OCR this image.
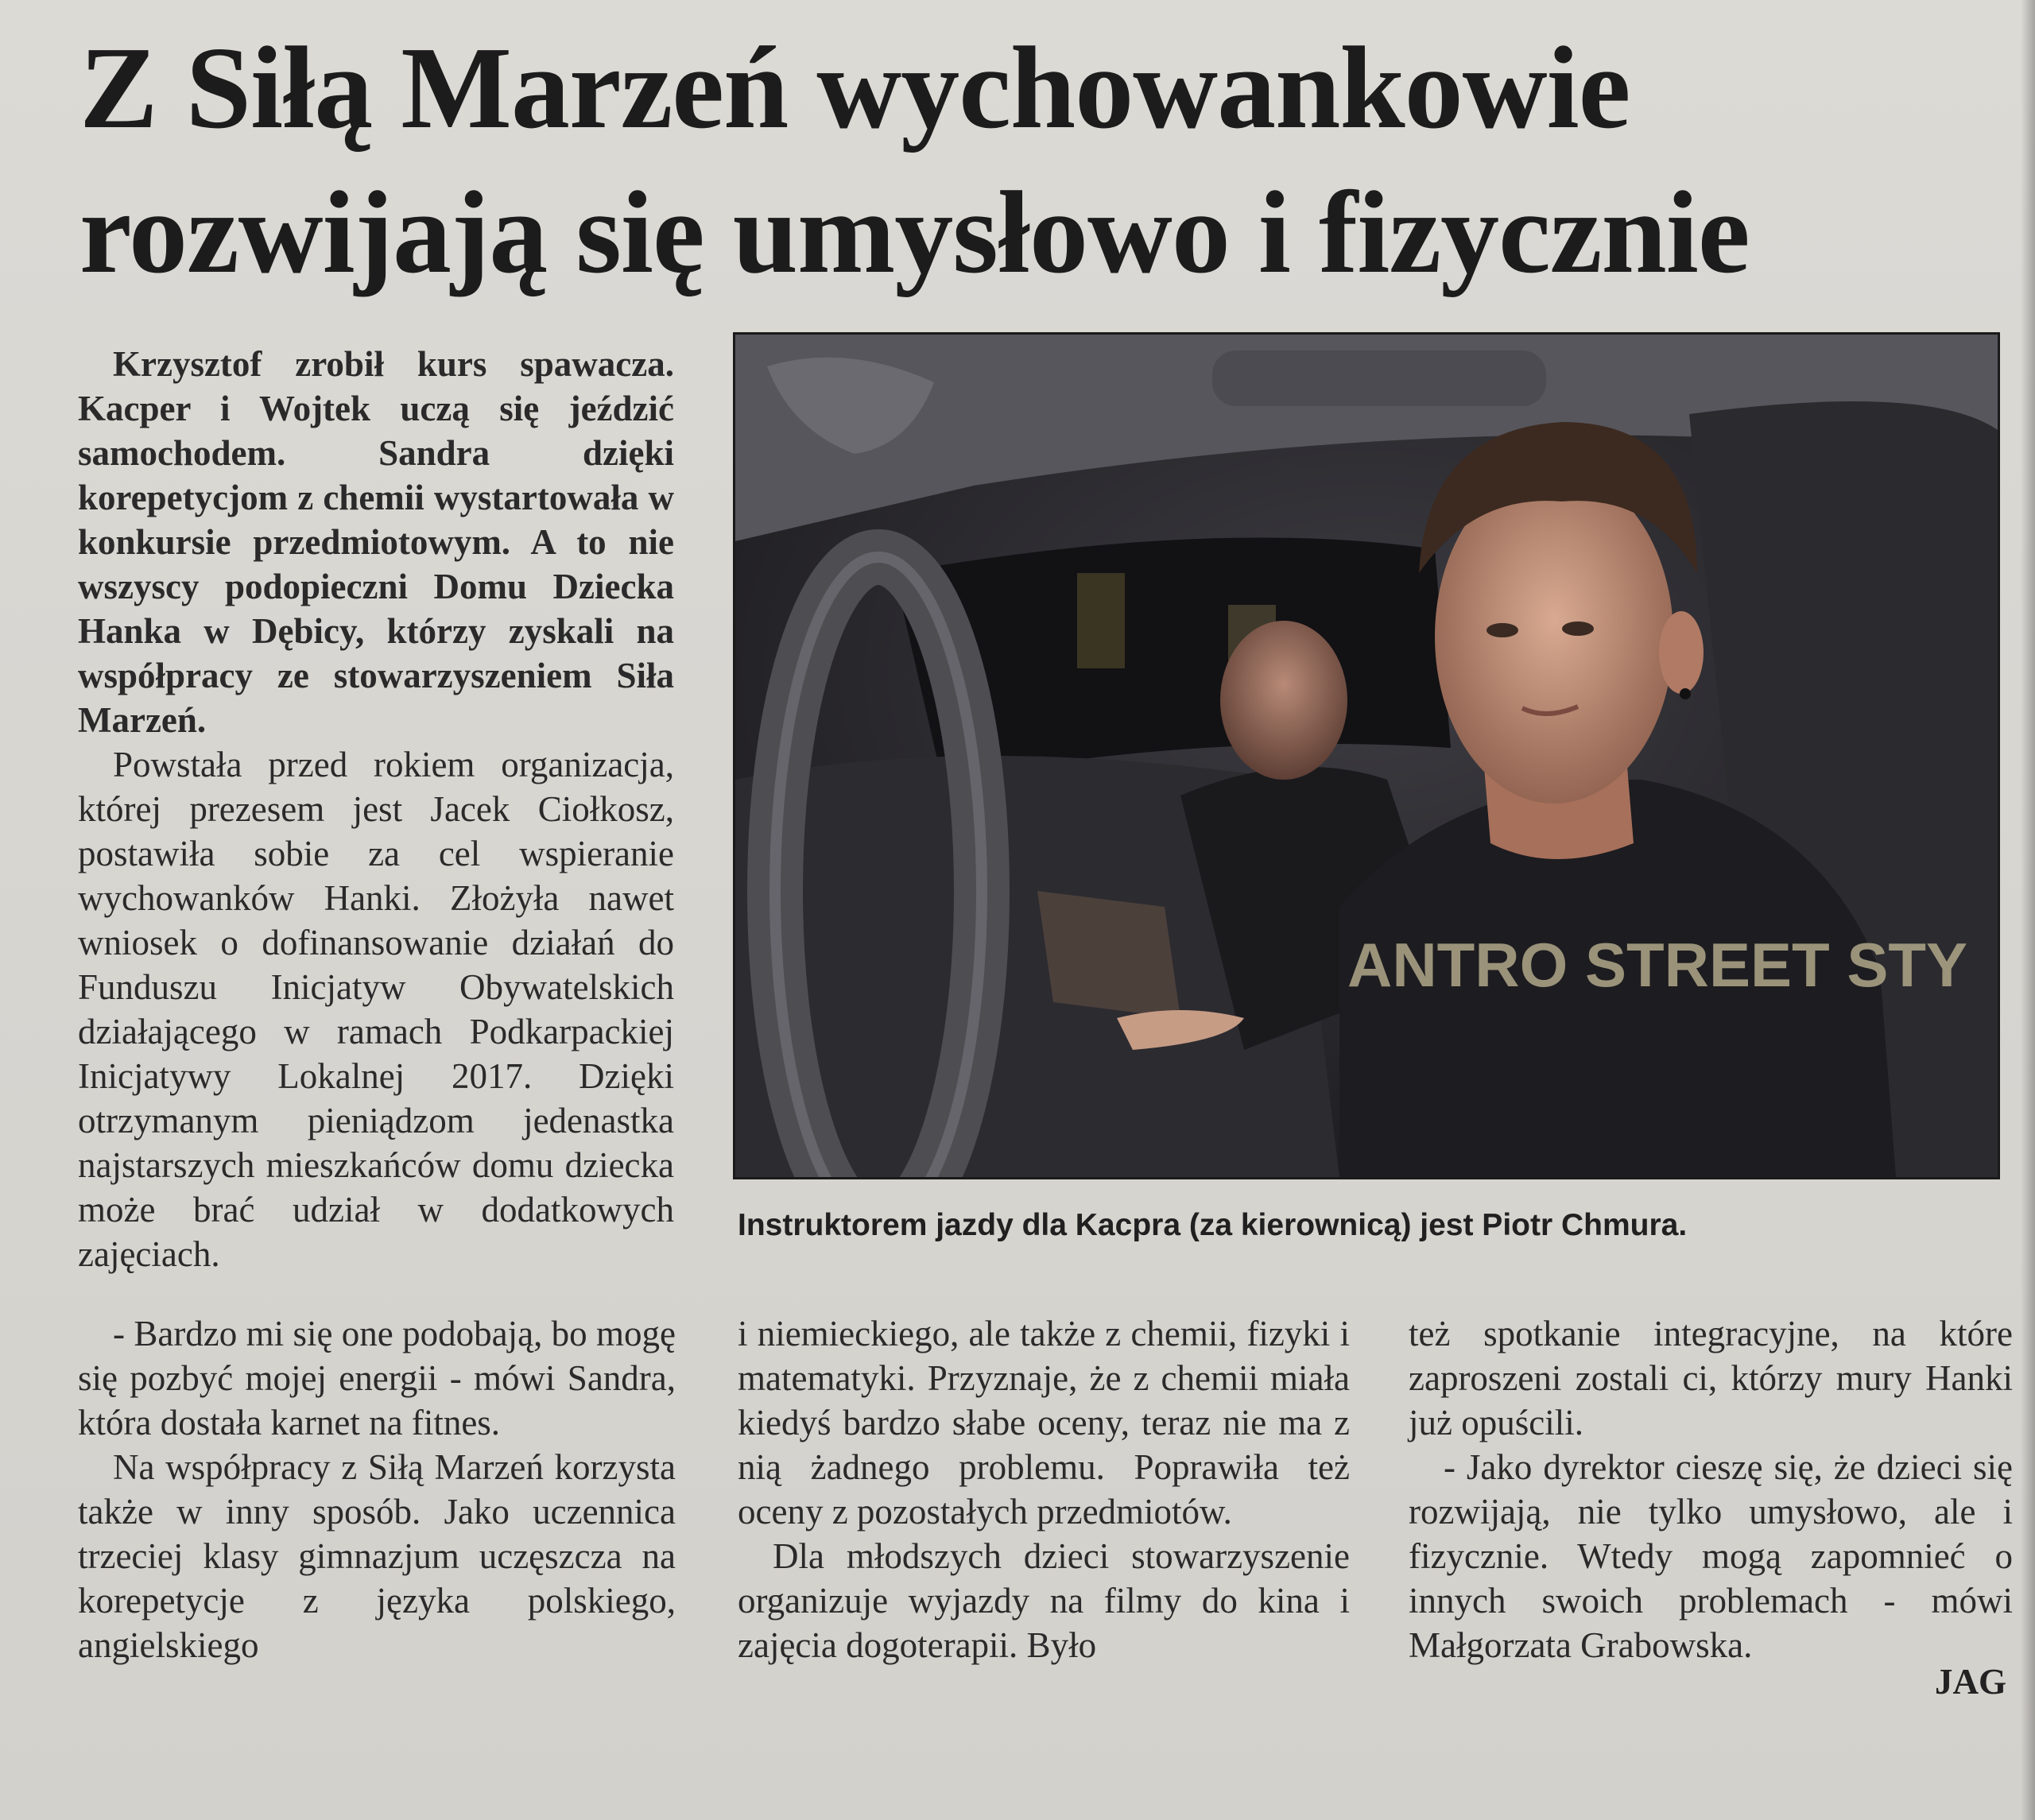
Z Siłą Marzeń wychowankowie
rozwijają się umysłowo i fizycznie

Krzysztof zrobił kurs spawacza. Kacper i Wojtek uczą się jeździć samochodem. Sandra dzięki korepetycjom z chemii wystartowała w konkursie przedmiotowym. A to nie wszyscy podopieczni Domu Dziecka Hanka w Dębicy, którzy zyskali na współpracy ze stowarzyszeniem Siła Marzeń.

Powstała przed rokiem organizacja, której prezesem jest Jacek Ciołkosz, postawiła sobie za cel wspieranie wychowanków Hanki. Złożyła nawet wniosek o dofinansowanie działań do Funduszu Inicjatyw Obywatelskich działającego w ramach Podkarpackiej Inicjatywy Lokalnej 2017. Dzięki otrzymanym pieniądzom jedenastka najstarszych mieszkańców domu dziecka może brać udział w dodatkowych zajęciach.

ANTRO STREET STY
Instruktorem jazdy dla Kacpra (za kierownicą) jest Piotr Chmura.

- Bardzo mi się one podobają, bo mogę się pozbyć mojej energii - mówi Sandra, która dostała karnet na fitnes.

Na współpracy z Siłą Marzeń korzysta także w inny sposób. Jako uczennica trzeciej klasy gimnazjum uczęszcza na korepetycje z języka polskiego, angielskiego

i niemieckiego, ale także z chemii, fizyki i matematyki. Przyznaje, że z chemii miała kiedyś bardzo słabe oceny, teraz nie ma z nią żadnego problemu. Poprawiła też oceny z pozostałych przedmiotów.

Dla młodszych dzieci stowarzyszenie organizuje wyjazdy na filmy do kina i zajęcia dogoterapii. Było

też spotkanie integracyjne, na które zaproszeni zostali ci, którzy mury Hanki już opuścili.

- Jako dyrektor cieszę się, że dzieci się rozwijają, nie tylko umysłowo, ale i fizycznie. Wtedy mogą zapomnieć o innych swoich problemach - mówi Małgorzata Grabowska.

JAG
